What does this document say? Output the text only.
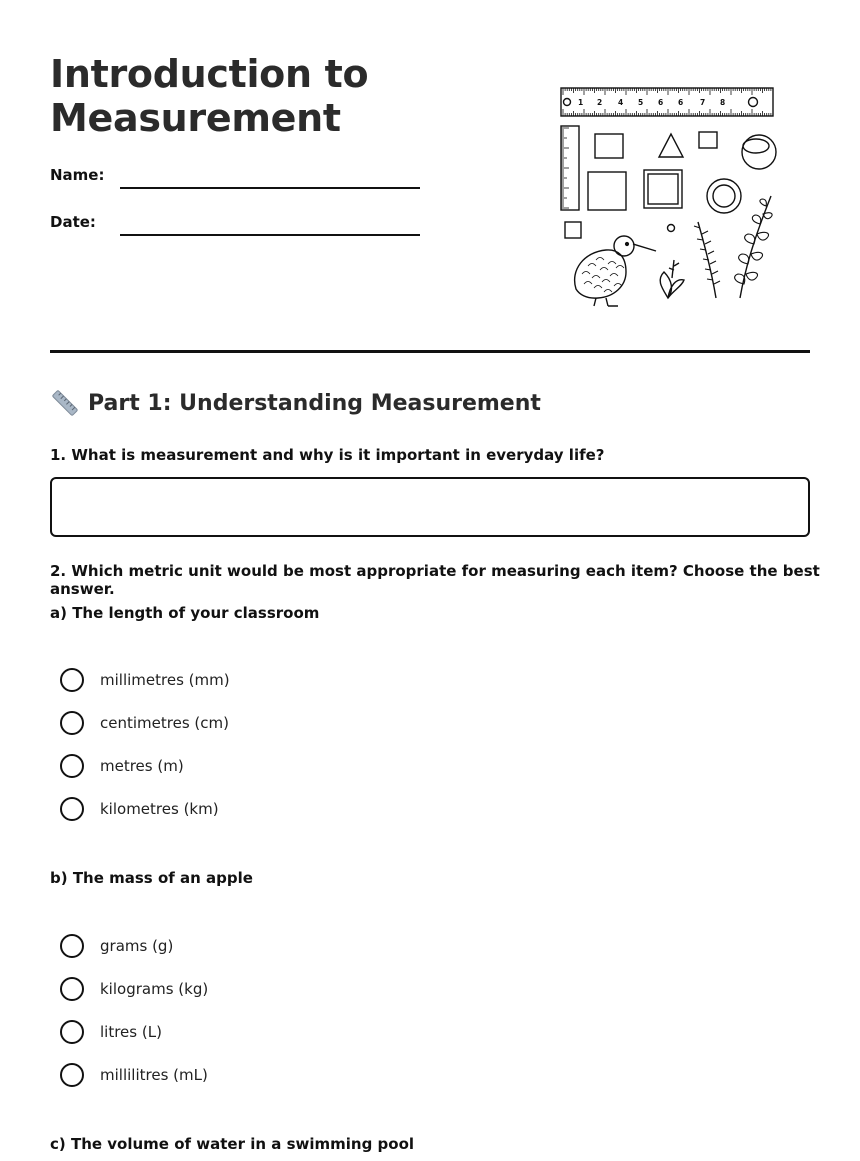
Introduction to
Measurement
Name:
Date:
1 2 4 5 6 6 7 8
Part 1: Understanding Measurement

1. What is measurement and why is it important in everyday life?

2. Which metric unit would be most appropriate for measuring each item? Choose the best answer.

a) The length of your classroom

millimetres (mm)
centimetres (cm)
metres (m)
kilometres (km)

b) The mass of an apple

grams (g)
kilograms (kg)
litres (L)
millilitres (mL)

c) The volume of water in a swimming pool
